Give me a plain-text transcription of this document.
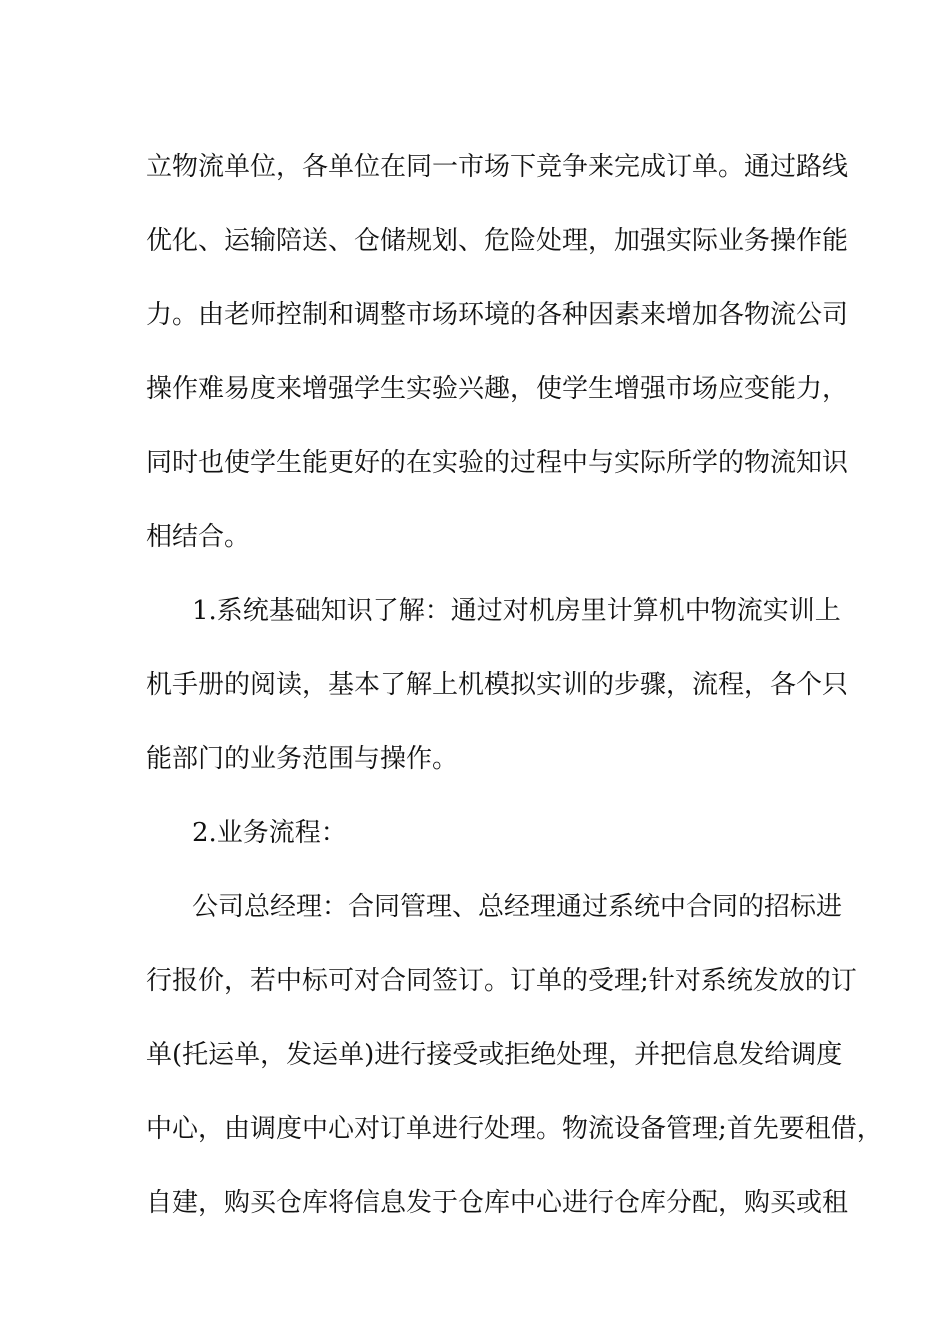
立物流单位，各单位在同一市场下竞争来完成订单。通过路线
优化、运输陪送、仓储规划、危险处理，加强实际业务操作能
力。由老师控制和调整市场环境的各种因素来增加各物流公司
操作难易度来增强学生实验兴趣，使学生增强市场应变能力，
同时也使学生能更好的在实验的过程中与实际所学的物流知识
相结合。
1.系统基础知识了解：通过对机房里计算机中物流实训上
机手册的阅读，基本了解上机模拟实训的步骤，流程，各个只
能部门的业务范围与操作。
2.业务流程：
公司总经理：合同管理、总经理通过系统中合同的招标进
行报价，若中标可对合同签订。订单的受理;针对系统发放的订
单(托运单，发运单)进行接受或拒绝处理，并把信息发给调度
中心，由调度中心对订单进行处理。物流设备管理;首先要租借，
自建，购买仓库将信息发于仓库中心进行仓库分配，购买或租
